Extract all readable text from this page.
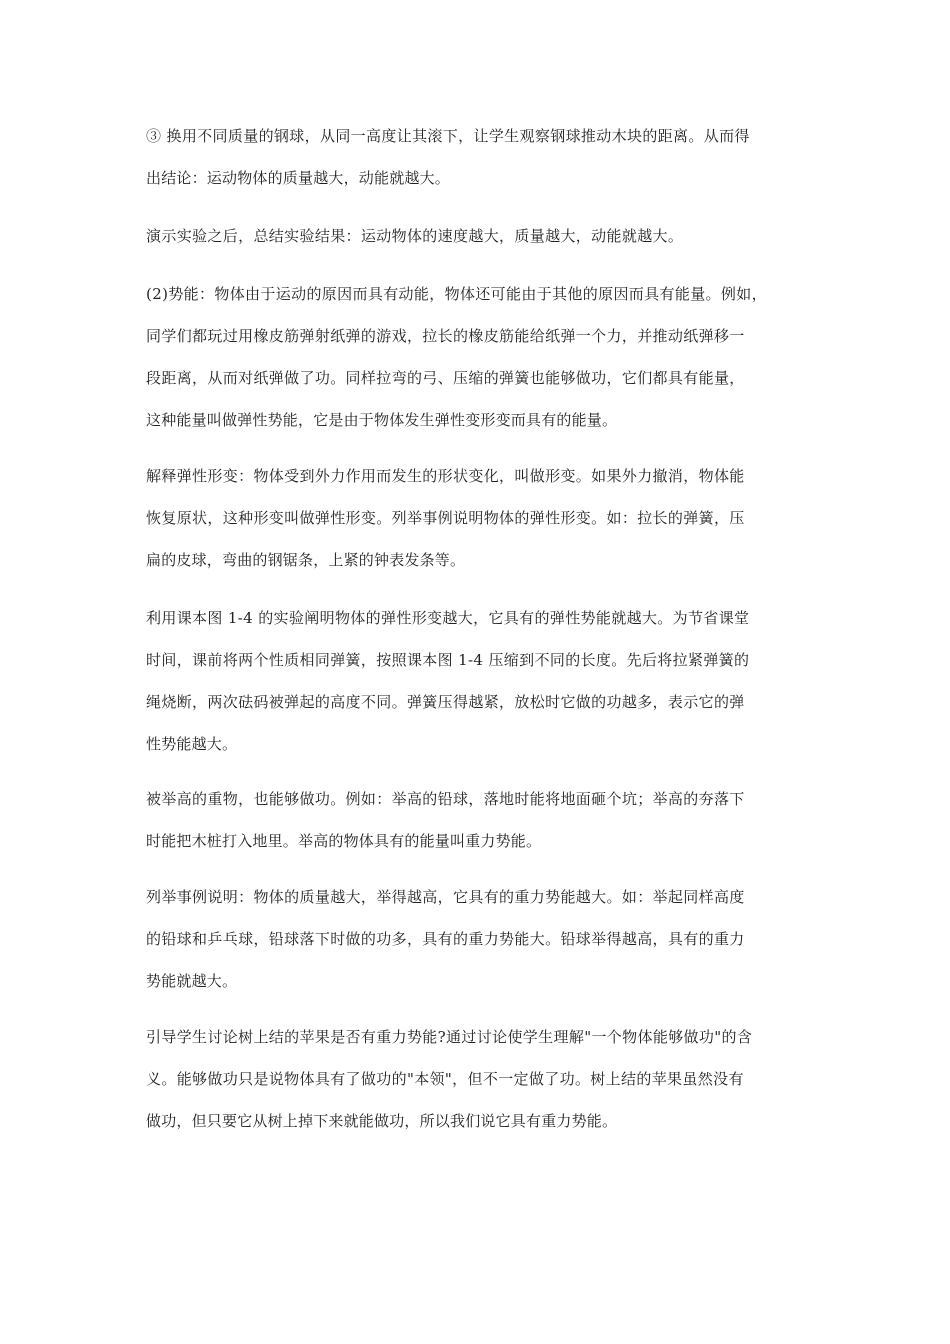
③ 换用不同质量的钢球，从同一高度让其滚下，让学生观察钢球推动木块的距离。从而得
出结论：运动物体的质量越大，动能就越大。
演示实验之后，总结实验结果：运动物体的速度越大，质量越大，动能就越大。
(2)势能：物体由于运动的原因而具有动能，物体还可能由于其他的原因而具有能量。例如，
同学们都玩过用橡皮筋弹射纸弹的游戏，拉长的橡皮筋能给纸弹一个力，并推动纸弹移一
段距离，从而对纸弹做了功。同样拉弯的弓、压缩的弹簧也能够做功，它们都具有能量，
这种能量叫做弹性势能，它是由于物体发生弹性变形变而具有的能量。
解释弹性形变：物体受到外力作用而发生的形状变化，叫做形变。如果外力撤消，物体能
恢复原状，这种形变叫做弹性形变。列举事例说明物体的弹性形变。如：拉长的弹簧，压
扁的皮球，弯曲的钢锯条，上紧的钟表发条等。
利用课本图 1-4 的实验阐明物体的弹性形变越大，它具有的弹性势能就越大。为节省课堂
时间，课前将两个性质相同弹簧，按照课本图 1-4 压缩到不同的长度。先后将拉紧弹簧的
绳烧断，两次砝码被弹起的高度不同。弹簧压得越紧，放松时它做的功越多，表示它的弹
性势能越大。
被举高的重物，也能够做功。例如：举高的铅球，落地时能将地面砸个坑；举高的夯落下
时能把木桩打入地里。举高的物体具有的能量叫重力势能。
列举事例说明：物体的质量越大，举得越高，它具有的重力势能越大。如：举起同样高度
的铅球和乒乓球，铅球落下时做的功多，具有的重力势能大。铅球举得越高，具有的重力
势能就越大。
引导学生讨论树上结的苹果是否有重力势能?通过讨论使学生理解"一个物体能够做功"的含
义。能够做功只是说物体具有了做功的"本领"，但不一定做了功。树上结的苹果虽然没有
做功，但只要它从树上掉下来就能做功，所以我们说它具有重力势能。
